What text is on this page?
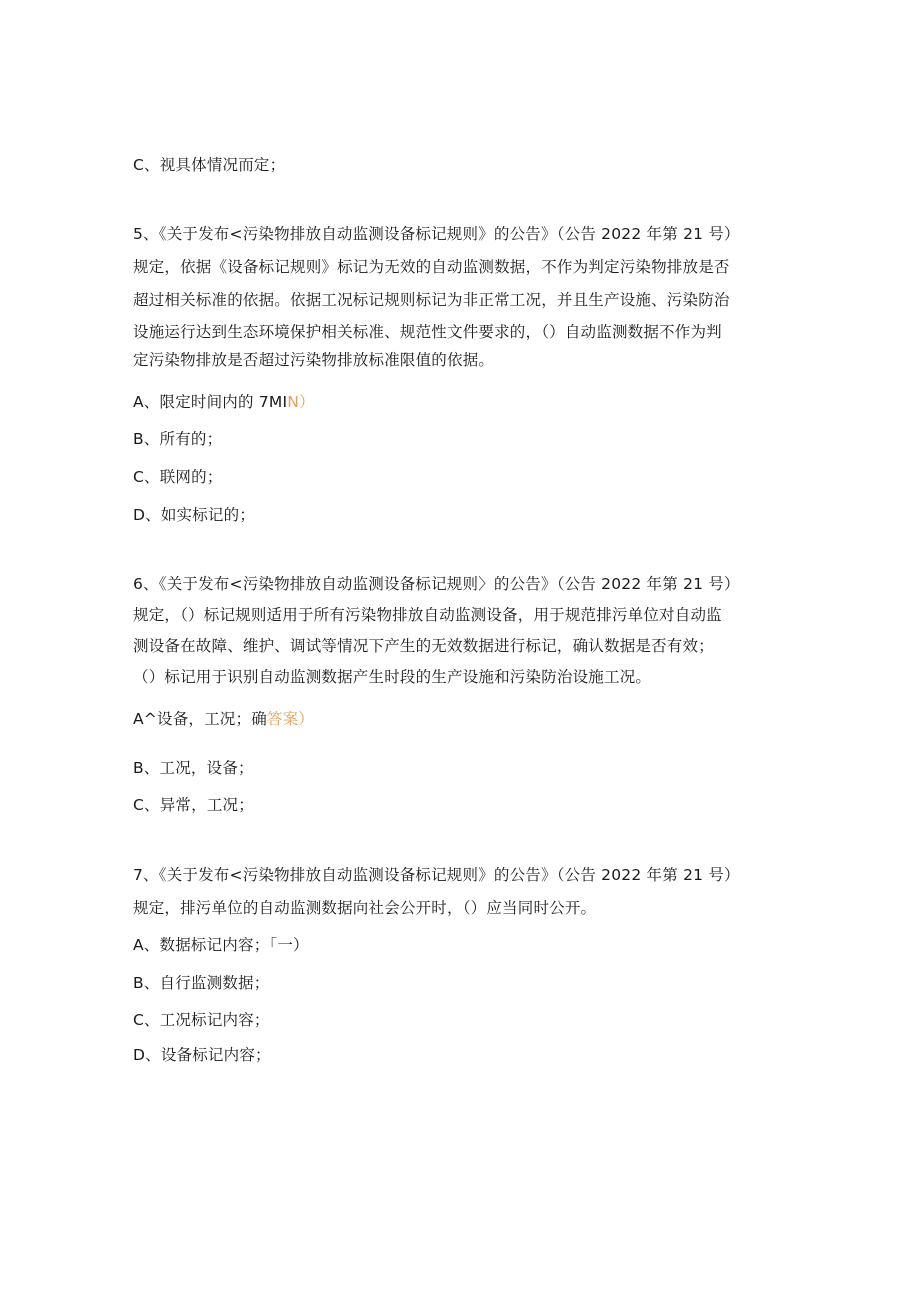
C、视具体情况而定；
5、《关于发布<污染物排放自动监测设备标记规则》的公告》（公告 2022 年第 21 号）
规定，依据《设备标记规则》标记为无效的自动监测数据，不作为判定污染物排放是否
超过相关标准的依据。依据工况标记规则标记为非正常工况，并且生产设施、污染防治
设施运行达到生态环境保护相关标准、规范性文件要求的，（）自动监测数据不作为判
定污染物排放是否超过污染物排放标准限值的依据。
A、限定时间内的 7MIN）
B、所有的；
C、联网的；
D、如实标记的；
6、《关于发布<污染物排放自动监测设备标记规则〉的公告》（公告 2022 年第 21 号）
规定，（）标记规则适用于所有污染物排放自动监测设备，用于规范排污单位对自动监
测设备在故障、维护、调试等情况下产生的无效数据进行标记，确认数据是否有效；
（）标记用于识别自动监测数据产生时段的生产设施和污染防治设施工况。
A^设备，工况；确答案）
B、工况，设备；
C、异常，工况；
7、《关于发布<污染物排放自动监测设备标记规则》的公告》（公告 2022 年第 21 号）
规定，排污单位的自动监测数据向社会公开时，（）应当同时公开。
A、数据标记内容；「一）
B、自行监测数据；
C、工况标记内容；
D、设备标记内容；
